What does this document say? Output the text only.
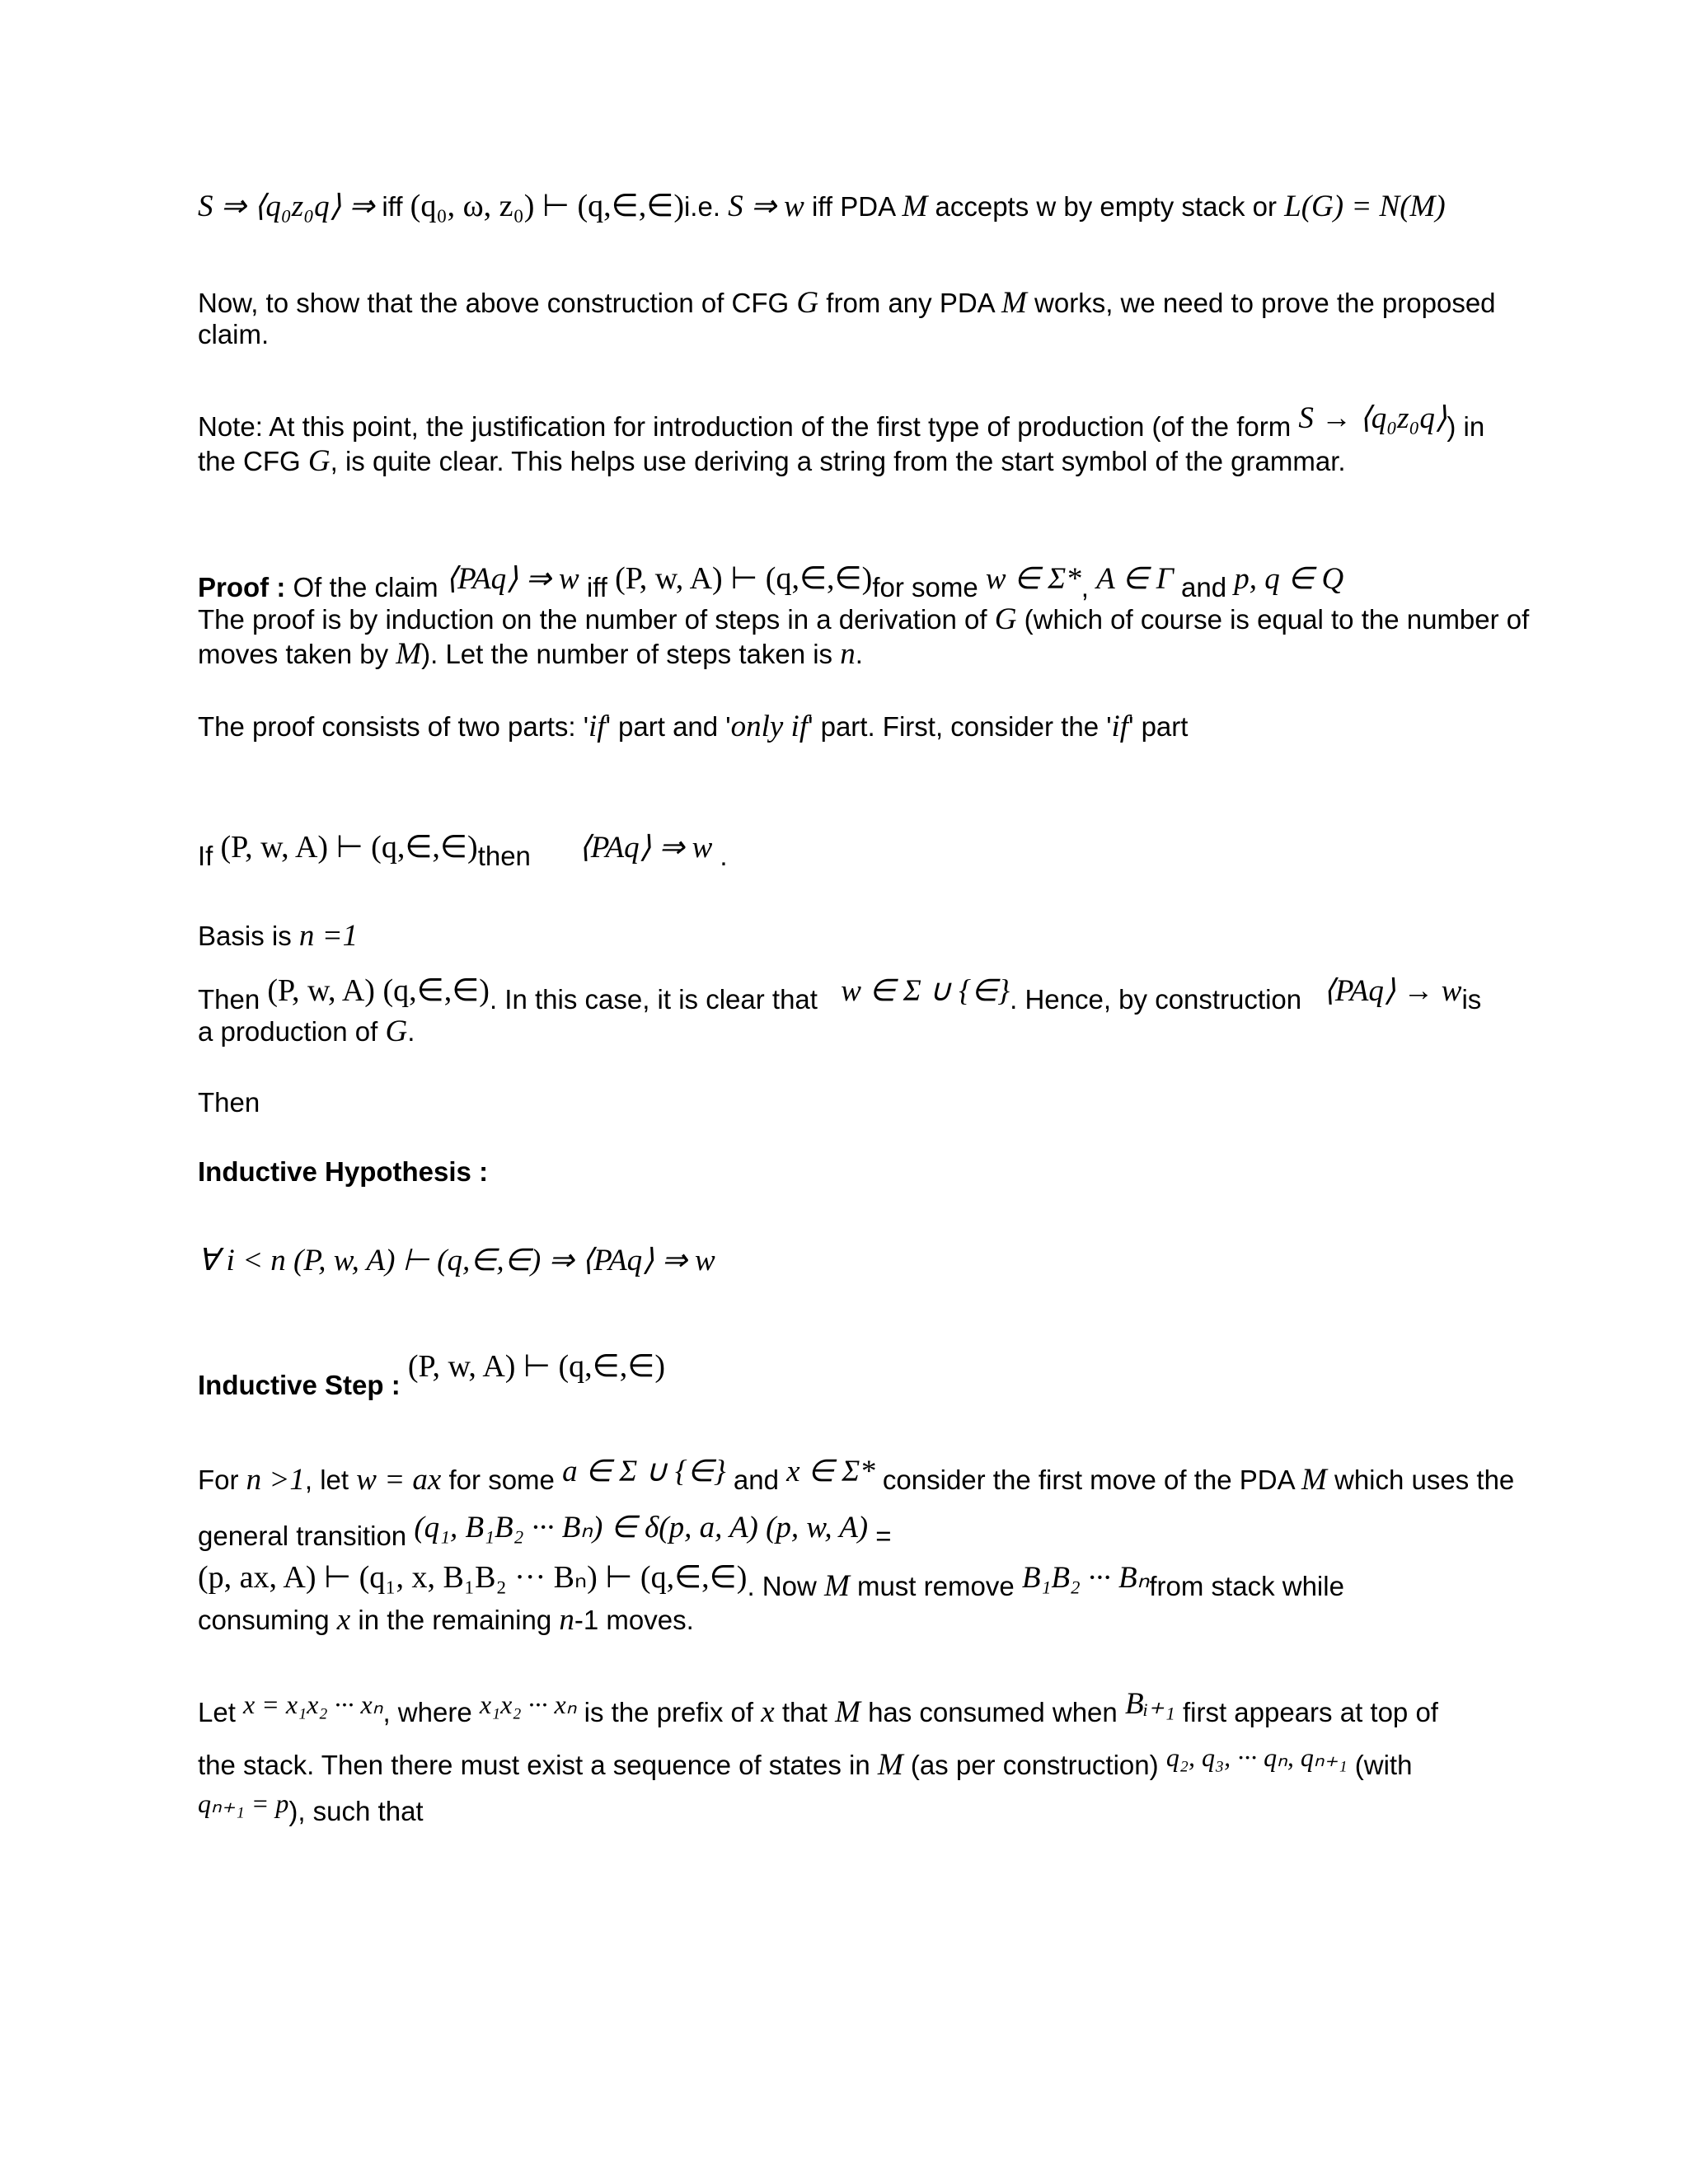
S ⇒ ⟨q₀z₀q⟩ ⇒ iff (q₀, ω, z₀) ⊢ (q,∈,∈)i.e. S ⇒ w iff PDA M accepts w by empty stack or L(G) = N(M)
Now, to show that the above construction of CFG G from any PDA M works, we need to prove the proposed
claim.
Note: At this point, the justification for introduction of the first type of production (of the form S → ⟨q₀z₀q⟩) in
the CFG G, is quite clear. This helps use deriving a string from the start symbol of the grammar.
Proof : Of the claim ⟨PAq⟩ ⇒ w iff (P, w, A) ⊢ (q,∈,∈)for some w ∈ Σ*, A ∈ Γ and p, q ∈ Q
The proof is by induction on the number of steps in a derivation of G (which of course is equal to the number of
moves taken by M). Let the number of steps taken is n.
The proof consists of two parts: 'if' part and 'only if' part. First, consider the 'if' part
If (P, w, A) ⊢ (q,∈,∈)then ⟨PAq⟩ ⇒ w .
Basis is n =1
Then (P, w, A) (q,∈,∈). In this case, it is clear that w ∈ Σ ∪ {∈}. Hence, by construction ⟨PAq⟩ → wis
a production of G.
Then
Inductive Hypothesis :
∀ i < n (P, w, A) ⊢ (q,∈,∈) ⇒ ⟨PAq⟩ ⇒ w
Inductive Step : (P, w, A) ⊢ (q,∈,∈)
For n >1, let w = ax for some a ∈ Σ ∪ {∈} and x ∈ Σ* consider the first move of the PDA M which uses the
general transition (q₁, B₁B₂ ··· Bₙ) ∈ δ(p, a, A) (p, w, A) =
(p, ax, A) ⊢ (q₁, x, B₁B₂ ··· Bₙ) ⊢ (q,∈,∈). Now M must remove B₁B₂ ··· Bₙfrom stack while
consuming x in the remaining n-1 moves.
Let x = x₁x₂ ··· xₙ, where x₁x₂ ··· xₙ is the prefix of x that M has consumed when Bᵢ₊₁ first appears at top of
the stack. Then there must exist a sequence of states in M (as per construction) q₂, q₃, ··· qₙ, qₙ₊₁ (with
qₙ₊₁ = p), such that
